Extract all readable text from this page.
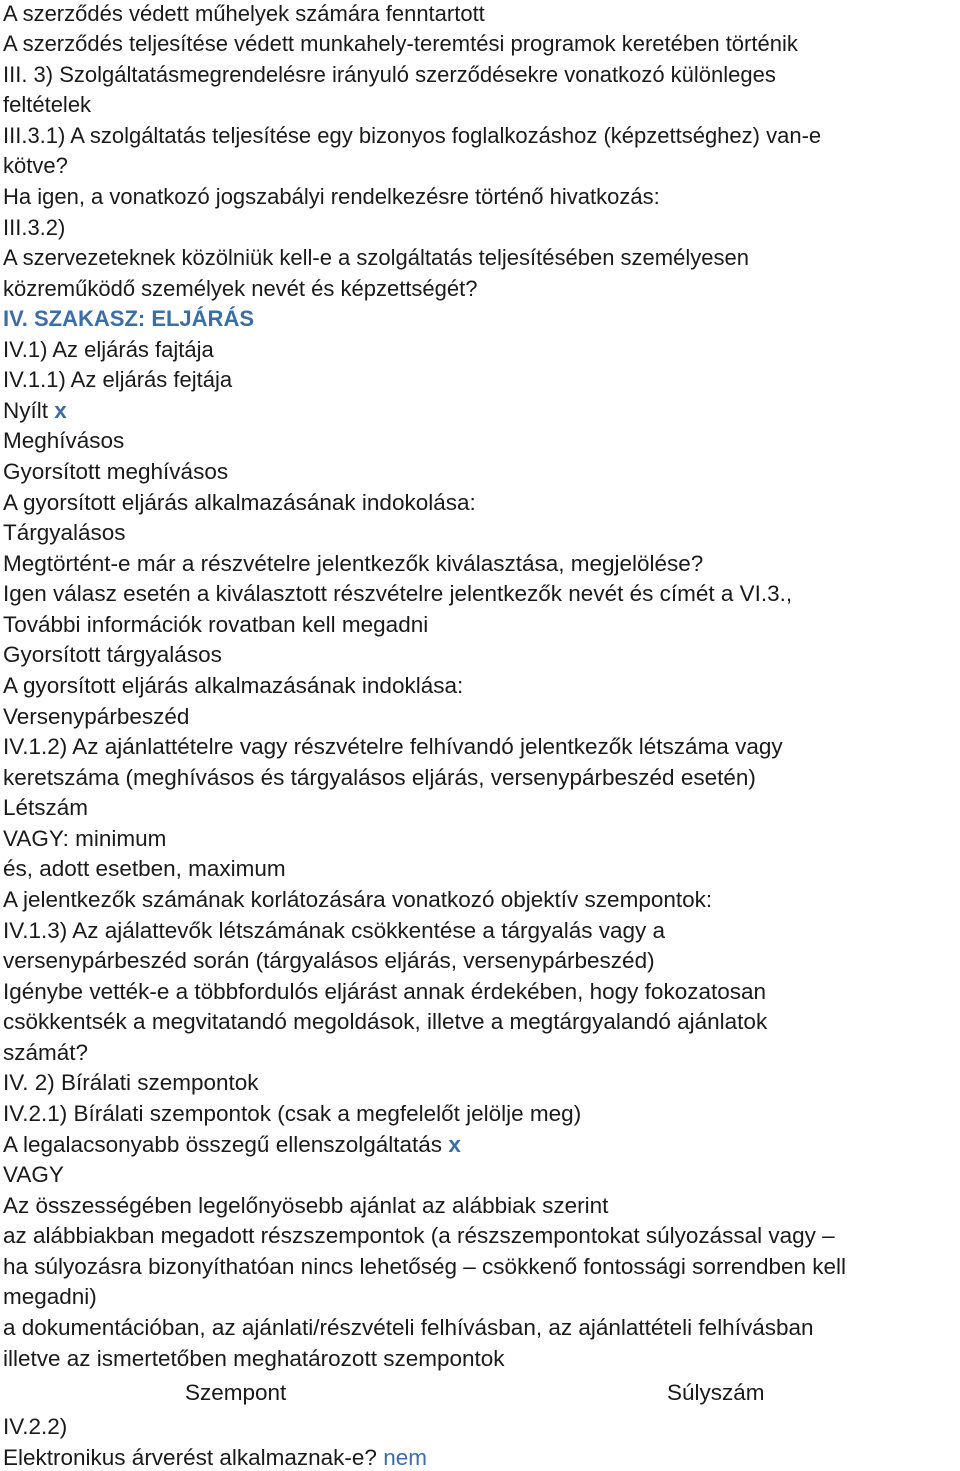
A szerződés védett műhelyek számára fenntartott
A szerződés teljesítése védett munkahely-teremtési programok keretében történik
III. 3) Szolgáltatásmegrendelésre irányuló szerződésekre vonatkozó különleges
feltételek
III.3.1) A szolgáltatás teljesítése egy bizonyos foglalkozáshoz (képzettséghez) van-e
kötve?
Ha igen, a vonatkozó jogszabályi rendelkezésre történő hivatkozás:
III.3.2)
A szervezeteknek közölniük kell-e a szolgáltatás teljesítésében személyesen
közreműködő személyek nevét és képzettségét?
IV. SZAKASZ: ELJÁRÁS
IV.1) Az eljárás fajtája
IV.1.1) Az eljárás fejtája
Nyílt x
Meghívásos
Gyorsított meghívásos
A gyorsított eljárás alkalmazásának indokolása:
Tárgyalásos
Megtörtént-e már a részvételre jelentkezők kiválasztása, megjelölése?
Igen válasz esetén a kiválasztott részvételre jelentkezők nevét és címét a VI.3.,
További információk rovatban kell megadni
Gyorsított tárgyalásos
A gyorsított eljárás alkalmazásának indoklása:
Versenypárbeszéd
IV.1.2) Az ajánlattételre vagy részvételre felhívandó jelentkezők létszáma vagy
keretszáma (meghívásos és tárgyalásos eljárás, versenypárbeszéd esetén)
Létszám
VAGY: minimum
és, adott esetben, maximum
A jelentkezők számának korlátozására vonatkozó objektív szempontok:
IV.1.3) Az ajálattevők létszámának csökkentése a tárgyalás vagy a
versenypárbeszéd során (tárgyalásos eljárás, versenypárbeszéd)
Igénybe vették-e a többfordulós eljárást annak érdekében, hogy fokozatosan
csökkentsék a megvitatandó megoldások, illetve a megtárgyalandó ajánlatok
számát?
IV. 2) Bírálati szempontok
IV.2.1) Bírálati szempontok (csak a megfelelőt jelölje meg)
A legalacsonyabb összegű ellenszolgáltatás x
VAGY
Az összességében legelőnyösebb ajánlat az alábbiak szerint
az alábbiakban megadott részszempontok (a részszempontokat súlyozással vagy –
ha súlyozásra bizonyíthatóan nincs lehetőség – csökkenő fontossági sorrendben kell
megadni)
a dokumentációban, az ajánlati/részvételi felhívásban, az ajánlattételi felhívásban
illetve az ismertetőben meghatározott szempontok
Szempont	Súlyszám
IV.2.2)
Elektronikus árverést alkalmaznak-e? nem
